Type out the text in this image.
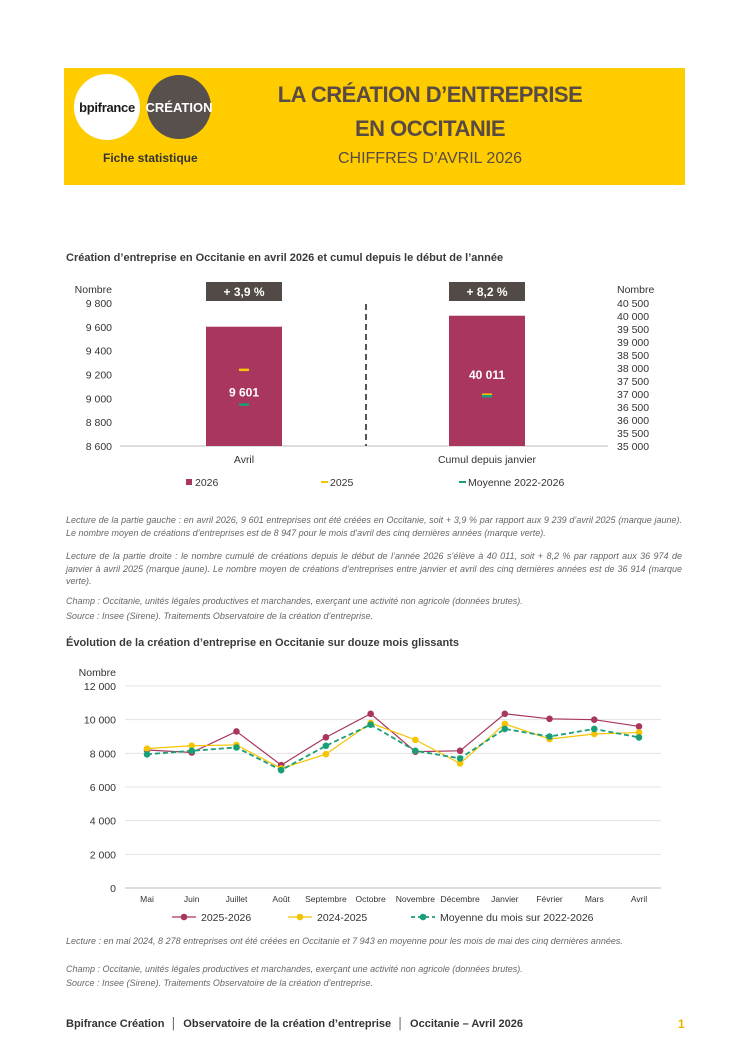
bpifrance CRÉATION
Fiche statistique
LA CRÉATION D’ENTREPRISE
EN OCCITANIE
CHIFFRES D’AVRIL 2026
Création d’entreprise en Occitanie en avril 2026 et cumul depuis le début de l’année
Nombre	Nombre
9 800
9 600
9 400
9 200
9 000
8 800
8 600
40 500
40 000
39 500
39 000
38 500
38 000
37 500
37 000
36 500
36 000
35 500
35 000
+ 3,9 %
9 601
Avril
+ 8,2 %
40 011
Cumul depuis janvier
2026	2025	Moyenne 2022-2026
Lecture de la partie gauche : en avril 2026, 9 601 entreprises ont été créées en Occitanie, soit + 3,9 % par rapport aux 9 239 d’avril 2025 (marque jaune). Le nombre moyen de créations d’entreprises est de 8 947 pour le mois d’avril des cinq dernières années (marque verte).
Lecture de la partie droite : le nombre cumulé de créations depuis le début de l’année 2026 s’élève à 40 011, soit + 8,2 % par rapport aux 36 974 de janvier à avril 2025 (marque jaune). Le nombre moyen de créations d’entreprises entre janvier et avril des cinq dernières années est de 36 914 (marque verte).
Champ : Occitanie, unités légales productives et marchandes, exerçant une activité non agricole (données brutes).
Source : Insee (Sirene). Traitements Observatoire de la création d’entreprise.
Évolution de la création d’entreprise en Occitanie sur douze mois glissants
Nombre
12 000
10 000
8 000
6 000
4 000
2 000
0
Mai	Juin	Juillet	Août Septembre Octobre Novembre Décembre Janvier Février	Mars	Avril
2025-2026	2024-2025	Moyenne du mois sur 2022-2026
Lecture : en mai 2024, 8 278 entreprises ont été créées en Occitanie et 7 943 en moyenne pour les mois de mai des cinq dernières années.
Champ : Occitanie, unités légales productives et marchandes, exerçant une activité non agricole (données brutes).
Source : Insee (Sirene). Traitements Observatoire de la création d’entreprise.
Bpifrance Création │ Observatoire de la création d’entreprise │ Occitanie – Avril 2026	1
